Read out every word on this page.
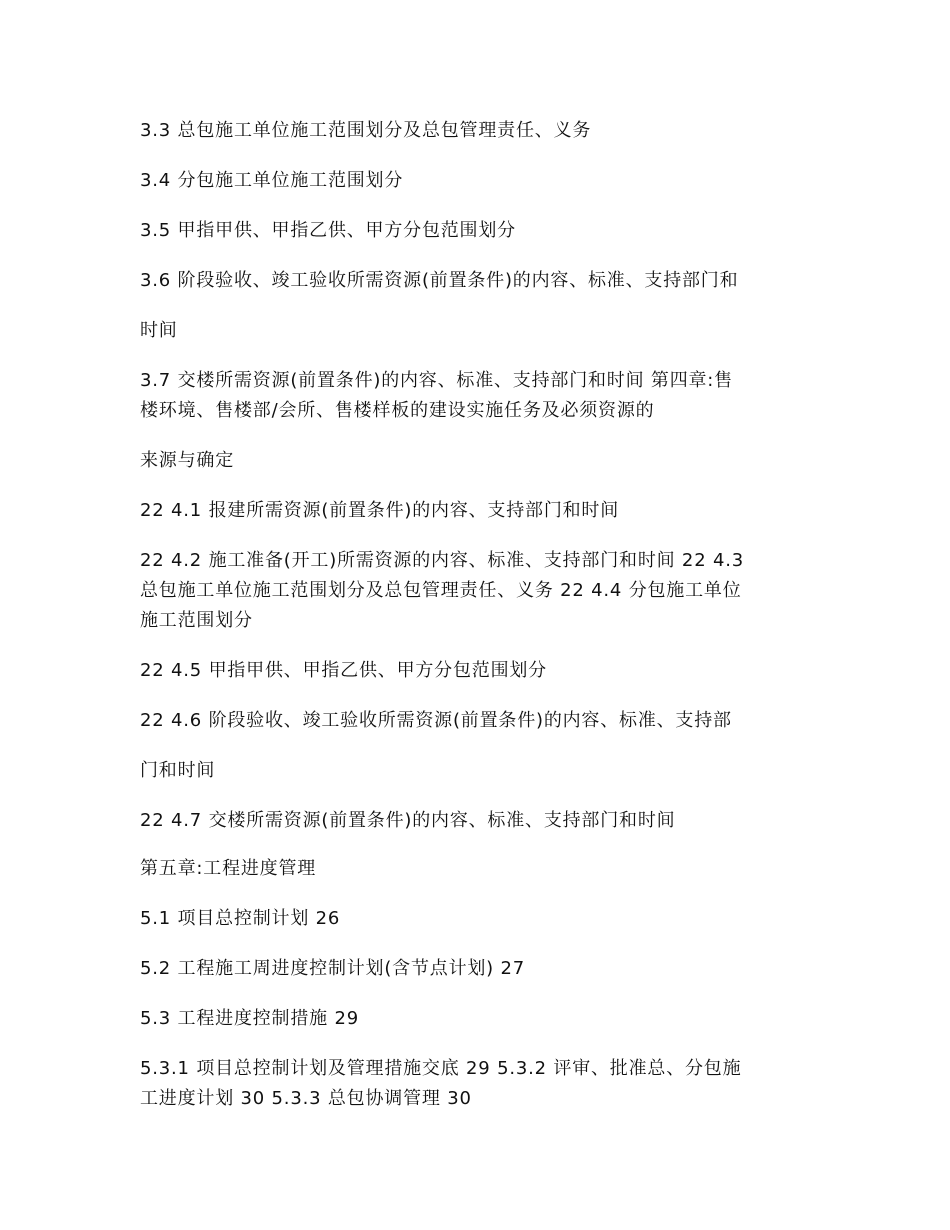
3.3 总包施工单位施工范围划分及总包管理责任、义务
3.4 分包施工单位施工范围划分
3.5 甲指甲供、甲指乙供、甲方分包范围划分
3.6 阶段验收、竣工验收所需资源(前置条件)的内容、标准、支持部门和
时间
3.7 交楼所需资源(前置条件)的内容、标准、支持部门和时间 第四章:售
楼环境、售楼部/会所、售楼样板的建设实施任务及必须资源的
来源与确定
22 4.1 报建所需资源(前置条件)的内容、支持部门和时间
22 4.2 施工准备(开工)所需资源的内容、标准、支持部门和时间 22 4.3
总包施工单位施工范围划分及总包管理责任、义务 22 4.4 分包施工单位
施工范围划分
22 4.5 甲指甲供、甲指乙供、甲方分包范围划分
22 4.6 阶段验收、竣工验收所需资源(前置条件)的内容、标准、支持部
门和时间
22 4.7 交楼所需资源(前置条件)的内容、标准、支持部门和时间
第五章:工程进度管理
5.1 项目总控制计划 26
5.2 工程施工周进度控制计划(含节点计划) 27
5.3 工程进度控制措施 29
5.3.1 项目总控制计划及管理措施交底 29 5.3.2 评审、批准总、分包施
工进度计划 30 5.3.3 总包协调管理 30
